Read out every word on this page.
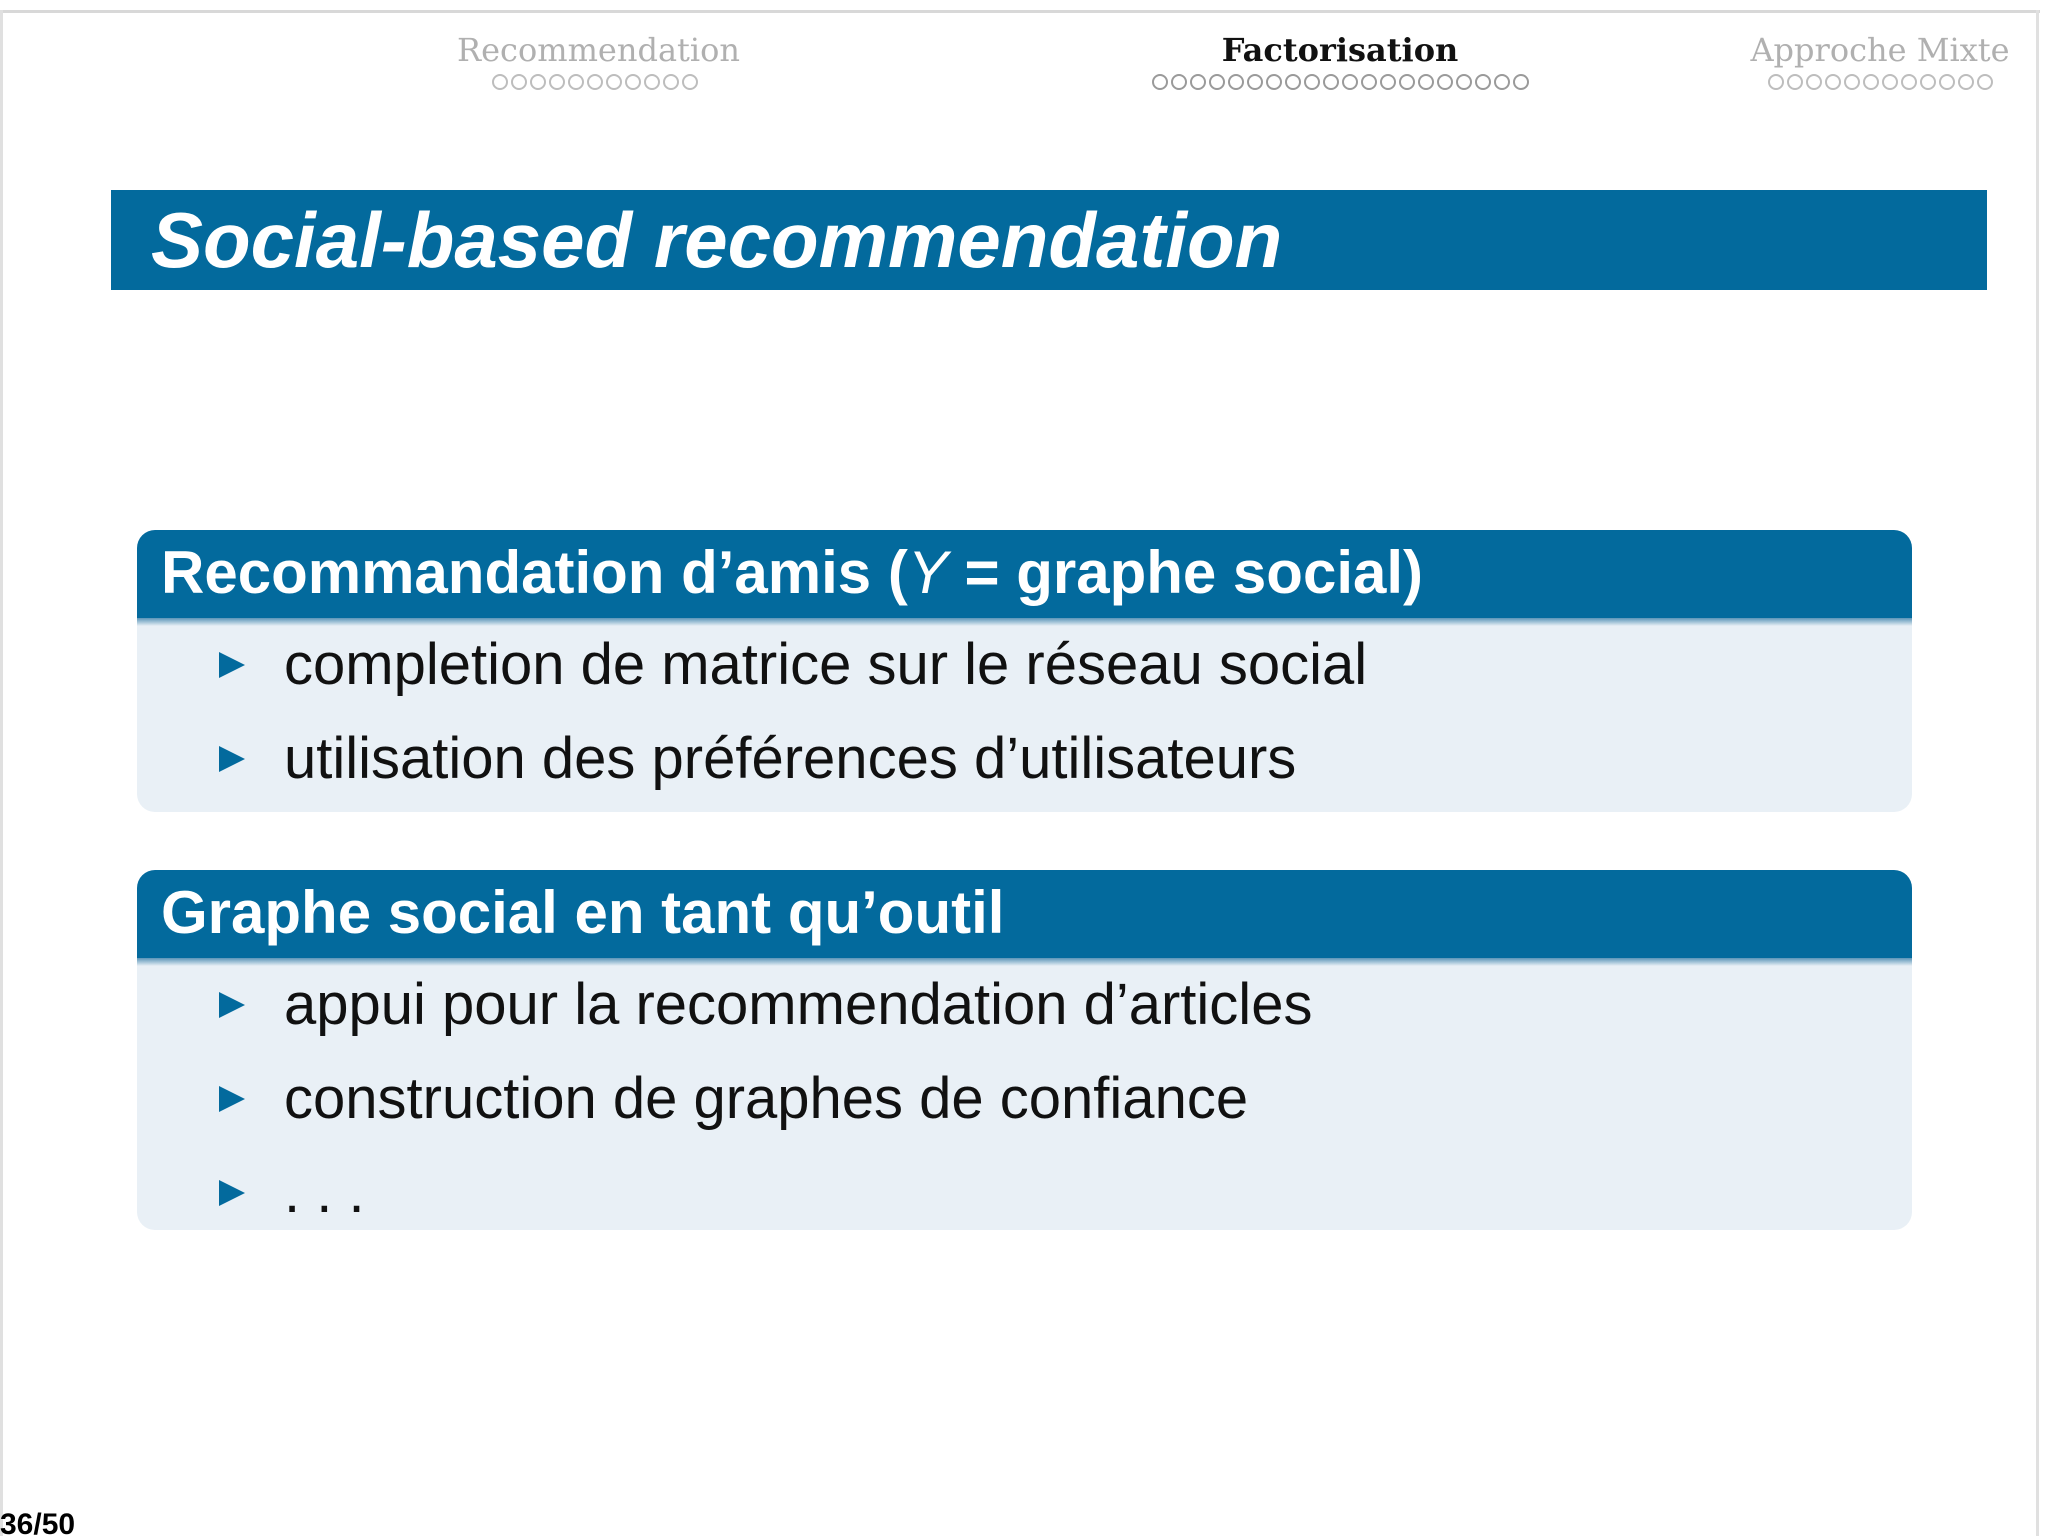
Recommendation	Factorisation	Approche Mixte
Social-based recommendation
Recommandation d’amis (Y = graphe social)
completion de matrice sur le réseau social
utilisation des préférences d’utilisateurs
Graphe social en tant qu’outil
appui pour la recommendation d’articles
construction de graphes de confiance
. . .
36/50
